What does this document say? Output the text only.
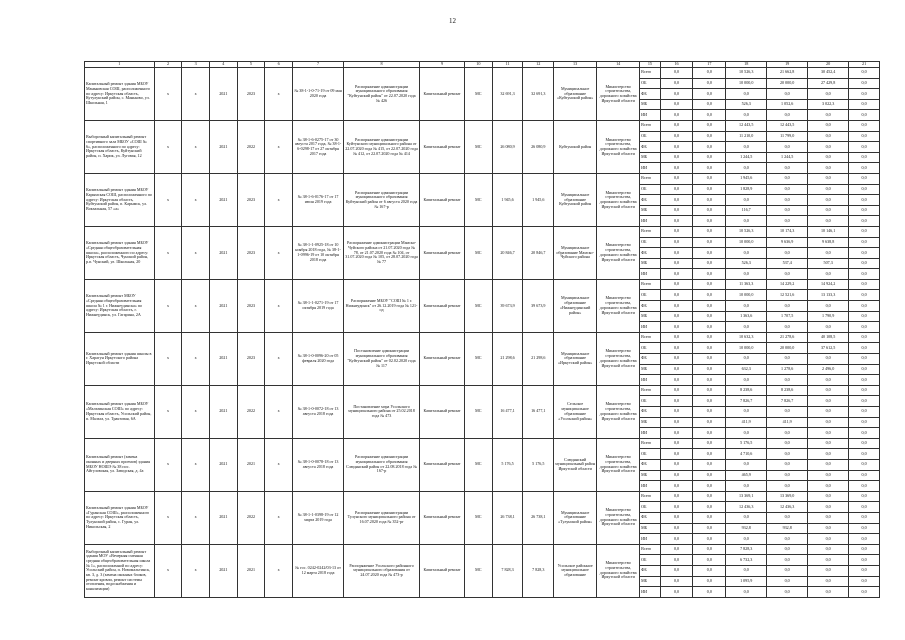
12
1	2	3	4	5	6	7	8	9	10	11	12	13	14	15	16	17	18	19	20	21
Капитальный ремонт здания МБОУ Маньковская СОШ, расположенного по адресу: Иркутская область, Кутулукский район, с. Маньково, ул. Школьная, 1	x	x	2021	2023	x	№ 38-1-1-0-71-19 от 09 мая 2020 года	Распоряжение администрации муниципального образования "Куйтунский район" от 22.07.2020 года № 426	Капитальный ремонт	МС	32 691,3	32 691,3	Муниципальное образование «Куйтунский район»	Министерство строительства, дорожного хозяйства Иркутской области	Всего	0,0	0,0	10 526,3	21 662,8	30 452,4	0,0
														ОБ	0,0	0,0	10 000,0	20 000,0	27 429,8	0,0
														ФБ	0,0	0,0	0,0	0,0	0,0	0,0
														МБ	0,0	0,0	526,3	1 052,6	3 022,3	0,0
														ИИ	0,0	0,0	0,0	0,0	0,0	0,0
Выборочный капитальный ремонт спортивного зала МБОУ «СОШ № 6», расположенного по адресу: Иркутская область, Куйтунский район, п. Харик, ул. Луговая, 12	x	x	2021	2022	x	№ 38-1-6-0275-17 от 30 августа 2017 года, № 38-1-6-0298-17 от 27 октября 2017 года	Распоряжение администрации Куйтунского муниципального района от 22.07.2020 года № 415, от 22.07.2020 года № 412, от 22.07.2020 года № 414	Капитальный ремонт	МС	26 080,9	26 080,9	Куйтунский район	Министерство строительства, дорожного хозяйства Иркутской области	Всего	0,0	0,0	12 443,5	12 443,5	0,0	0,0
														ОБ	0,0	0,0	11 210,0	11 799,0	0,0	0,0
														ФБ	0,0	0,0	0,0	0,0	0,0	0,0
														МБ	0,0	0,0	1 244,5	1 244,5	0,0	0,0
														ИИ	0,0	0,0	0,0	0,0	0,0	0,0
Капитальный ремонт здания МБОУ Карымская СОШ, расположенного по адресу: Иркутская область, Куйтунский район, п. Карымск, ул. Вокзальная, 57 «а»	x	x	2021	2023	x	№ 38-1-6-0176-17 от 17 июля 2019 года	Распоряжение администрации муниципального образования Куйтунский район от 6 августа 2020 года № 167-р	Капитальный ремонт	МС	1 945,6	1 945,6	Муниципальное образование Куйтунский район	Министерство строительства, дорожного хозяйства Иркутской области	Всего	0,0	0,0	1 945,6	0,0	0,0	0,0
														ОБ	0,0	0,0	1 828,9	0,0	0,0	0,0
														ФБ	0,0	0,0	0,0	0,0	0,0	0,0
														МБ	0,0	0,0	116,7	0,0	0,0	0,0
														ИИ	0,0	0,0	0,0	0,0	0,0	0,0
Капитальный ремонт здания МБОУ «Средняя общеобразовательная школа», расположенного по адресу: Иркутская область, Чунский район, р.п. Чунский, ул. Школьная, 20	x	x	2021	2023	x	№ 38-1-1-0925-18 от 10 ноября 2018 года, № 38-1-1-0996-19 от 10 октября 2018 года	Распоряжение администрации Мамско-Чуйского района от 21.07.2020 года № 78, от 21.07.2020 года № 104, от 31.07.2020 года № 105, от 28.07.2020 года № 77	Капитальный ремонт	МС	20 846,7	20 846,7	Муниципальное образование Мамско-Чуйского района	Министерство строительства, дорожного хозяйства Иркутской области	Всего	0,0	0,0	10 526,3	10 174,3	10 146,1	0,0
														ОБ	0,0	0,0	10 000,0	9 636,9	9 638,8	0,0
														ФБ	0,0	0,0	0,0	0,0	0,0	0,0
														МБ	0,0	0,0	526,3	537,4	507,3	0,0
														ИИ	0,0	0,0	0,0	0,0	0,0	0,0
Капитальный ремонт МБОУ «Средняя общеобразовательная школа № 1 г. Нижнеудинска» по адресу: Иркутская область, г. Нижнеудинск, ул. Гагарина, 2А	x	x	2021	2023	x	№ 38-1-1-0271-19 от 17 октября 2019 года	Распоряжение МБОУ "СОШ № 1 г. Нижнеудинск" от 26.12.2019 года № 121-од	Капитальный ремонт	МС	39 673,9	39 673,9	Муниципальное образование «Нижнеудинский район»	Министерство строительства, дорожного хозяйства Иркутской области	Всего	0,0	0,0	11 363,3	14 229,2	14 924,2	0,0
														ОБ	0,0	0,0	10 000,0	12 521,6	13 133,3	0,0
														ФБ	0,0	0,0	0,0	0,0	0,0	0,0
														МБ	0,0	0,0	1 363,6	1 707,5	1 790,9	0,0
														ИИ	0,0	0,0	0,0	0,0	0,0	0,0
Капитальный ремонт здания школы в г. Харагун Иркутского района Иркутской области	x	x	2021	2023	x	№ 38-1-0-0096-20 от 05 февраля 2020 года	Постановление администрации муниципального образования "Куйтунский район" от 02.02.2020 года № 117	Капитальный ремонт	МС	21 298,6	21 298,6	Муниципальное образование «Иркутский район»	Министерство строительства, дорожного хозяйства Иркутской области	Всего	0,0	0,0	10 632,3	21 278,6	40 108,5	0,0
														ОБ	0,0	0,0	10 000,0	20 000,0	37 612,5	0,0
														ФБ	0,0	0,0	0,0	0,0	0,0	0,0
														МБ	0,0	0,0	632,3	1 278,6	2 496,0	0,0
														ИИ	0,0	0,0	0,0	0,0	0,0	0,0
Капитальный ремонт здания МБОУ «Мальтинская СОШ» по адресу: Иркутская область, Усольский район, п. Мальта, ул. Трактовая, 6А	x	x	2021	2022	x	№ 38-1-0-0072-18 от 13 августа 2018 года	Постановление мэра Усольского муниципального района от 25.02.2018 года № 473	Капитальный ремонт	МС	16 477,1	16 477,1	Сельское муниципальное образование «Усольский район»	Министерство строительства, дорожного хозяйства Иркутской области	Всего	0,0	0,0	8 238,6	8 238,6	0,0	0,0
														ОБ	0,0	0,0	7 826,7	7 826,7	0,0	0,0
														ФБ	0,0	0,0	0,0	0,0	0,0	0,0
														МБ	0,0	0,0	411,9	411,9	0,0	0,0
														ИИ	0,0	0,0	0,0	0,0	0,0	0,0
Капитальный ремонт (замена оконных и дверных проемов) здания МБОУ НОШЭ № 38 пос. Айгуловская, ул. Заводская, д. 4а	x	x	2021	2021	x	№ 38-1-0-0078-18 от 13 августа 2018 года	Распоряжение администрации муниципального образования Слюдянский район от 22.08.2018 года № 167-р	Капитальный ремонт	МС	5 176,5	5 176,5	Слюдянский муниципальный район Иркутской области	Министерство строительства, дорожного хозяйства Иркутской области	Всего	0,0	0,0	5 176,5	0,0	0,0	0,0
														ОБ	0,0	0,0	4 710,6	0,0	0,0	0,0
														ФБ	0,0	0,0	0,0	0,0	0,0	0,0
														МБ	0,0	0,0	465,9	0,0	0,0	0,0
														ИИ	0,0	0,0	0,0	0,0	0,0	0,0
Капитальный ремонт здания МБОУ «Гуранская СОШ», расположенного по адресу: Иркутская область, Тулунский район, с. Гуран, ул. Никольская, 2	x	x	2021	2022	x	№ 38-1-1-0398-19 от 12 марта 2019 года	Распоряжение администрации Тулунского муниципального района от 16.07.2020 года № 352-рг	Капитальный ремонт	МС	26 738,1	26 738,1	Муниципальное образование «Тулунский район»	Министерство строительства, дорожного хозяйства Иркутской области	Всего	0,0	0,0	13 369,1	13 369,0	0,0	0,0
														ОБ	0,0	0,0	12 436,3	12 436,3	0,0	0,0
														ФБ	0,0	0,0	0,0	0,0	0,0	0,0
														МБ	0,0	0,0	932,8	932,8	0,0	0,0
														ИИ	0,0	0,0	0,0	0,0	0,0	0,0
Выборочный капитальный ремонт здания МОУ «Вечерняя сменная средняя общеобразовательная школа № 1», расположенной по адресу: Усольский район, п. Новомальтинск, кв. 3, д. 3 (замена оконных блоков, ремонт кровли, ремонт системы отопления, водоснабжения и канализации)	x	x	2021	2021	x	№ гос. 0242-0242/03-13 от 12 марта 2018 года	Распоряжение Усольского районного муниципального образования от 24.07.2020 года № 473-р	Капитальный ремонт	МС	7 828,3	7 828,3	Усольское районное муниципальное образование	Министерство строительства, дорожного хозяйства Иркутской области	Всего	0,0	0,0	7 828,3	0,0	0,0	0,0
														ОБ	0,0	0,0	6 732,3	0,0	0,0	0,0
														ФБ	0,0	0,0	0,0	0,0	0,0	0,0
														МБ	0,0	0,0	1 095,9	0,0	0,0	0,0
														ИИ	0,0	0,0	0,0	0,0	0,0	0,0
